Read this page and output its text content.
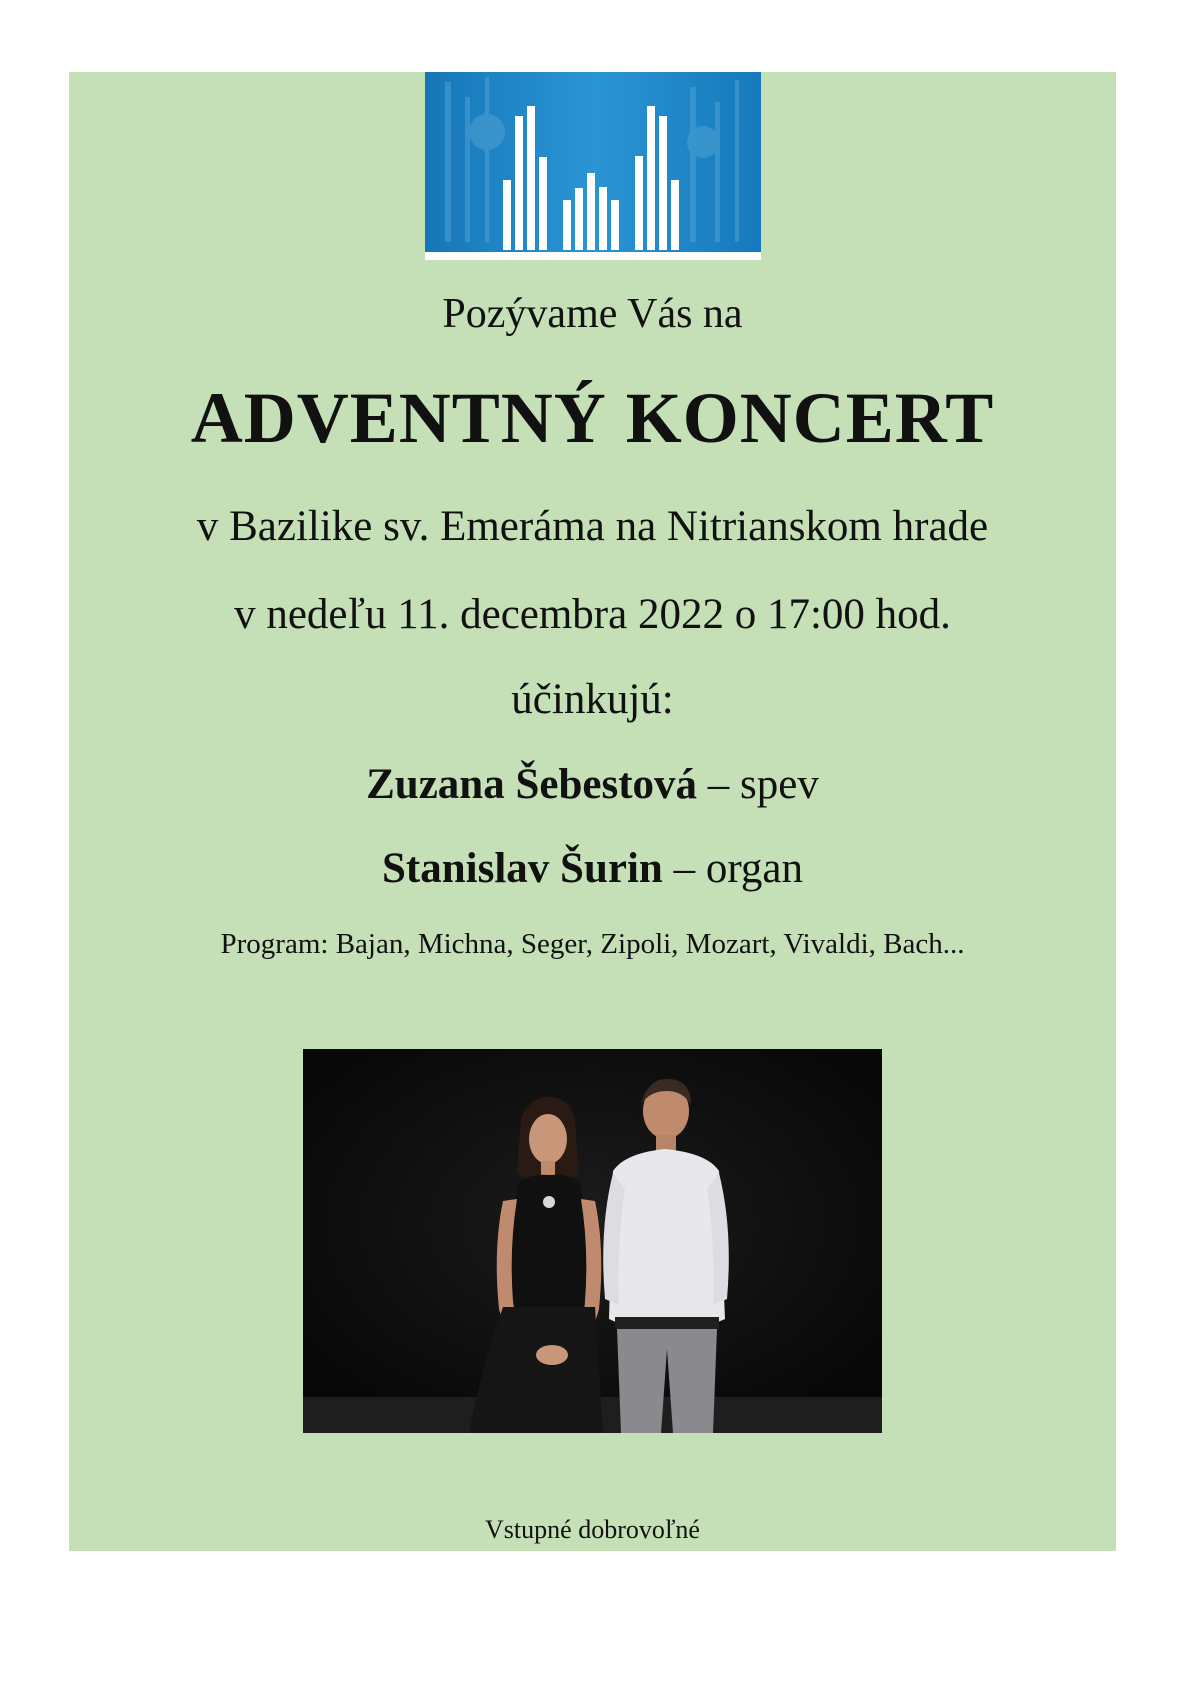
Pozývame Vás na
ADVENTNÝ KONCERT
v Bazilike sv. Emeráma na Nitrianskom hrade
v nedeľu 11. decembra 2022 o 17:00 hod.
účinkujú:
Zuzana Šebestová – spev
Stanislav Šurin – organ
Program: Bajan, Michna, Seger, Zipoli, Mozart, Vivaldi, Bach...
Vstupné dobrovoľné
